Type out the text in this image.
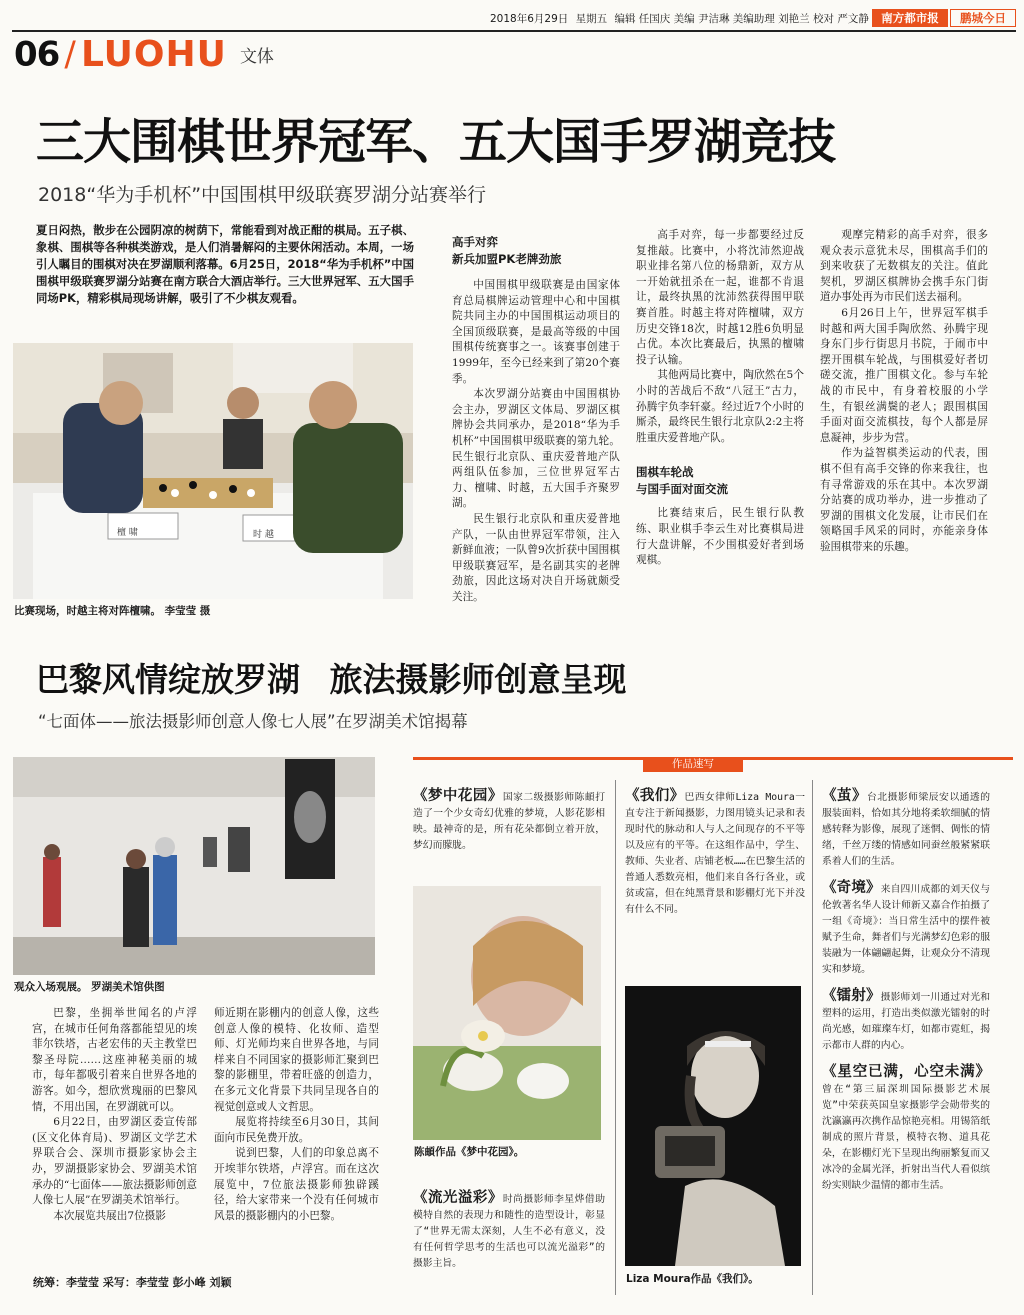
2018年6月29日 星期五 编辑 任国庆 美编 尹洁琳 美编助理 刘艳兰 校对 严文静	南方都市报	鹏城今日
06 / LUOHU 文体
三大围棋世界冠军、五大国手罗湖竞技
2018“华为手机杯”中国围棋甲级联赛罗湖分站赛举行

夏日闷热，散步在公园阴凉的树荫下，常能看到对战正酣的棋局。五子棋、象棋、围棋等各种棋类游戏，是人们消暑解闷的主要休闲活动。本周，一场引人瞩目的围棋对决在罗湖顺利落幕。6月25日，2018“华为手机杯”中国围棋甲级联赛罗湖分站赛在南方联合大酒店举行。三大世界冠军、五大国手同场PK，精彩棋局现场讲解，吸引了不少棋友观看。

檀 啸	时 越
比赛现场，时越主将对阵檀啸。 李莹莹 摄
高手对弈
新兵加盟PK老牌劲旅

中国围棋甲级联赛是由国家体育总局棋牌运动管理中心和中国棋院共同主办的中国围棋运动项目的全国顶级联赛，是最高等级的中国围棋传统赛事之一。该赛事创建于1999年，至今已经来到了第20个赛季。

本次罗湖分站赛由中国围棋协会主办，罗湖区文体局、罗湖区棋牌协会共同承办，是2018“华为手机杯”中国围棋甲级联赛的第九轮。民生银行北京队、重庆爱普地产队两组队伍参加，三位世界冠军古力、檀啸、时越，五大国手齐聚罗湖。

民生银行北京队和重庆爱普地产队，一队由世界冠军带领，注入新鲜血液；一队曾9次折获中国围棋甲级联赛冠军，是名副其实的老牌劲旅，因此这场对决自开场就颇受关注。

高手对弈，每一步都要经过反复推敲。比赛中，小将沈沛然迎战职业排名第八位的杨鼎新，双方从一开始就扭杀在一起，谁都不肯退让，最终执黑的沈沛然获得围甲联赛首胜。时越主将对阵檀啸，双方历史交锋18次，时越12胜6负明显占优。本次比赛最后，执黑的檀啸投子认输。

其他两局比赛中，陶欣然在5个小时的苦战后不敌“八冠王”古力，孙腾宇负李轩豪。经过近7个小时的厮杀，最终民生银行北京队2:2主将胜重庆爱普地产队。

围棋车轮战
与国手面对面交流

比赛结束后，民生银行队教练、职业棋手李云生对比赛棋局进行大盘讲解，不少围棋爱好者到场观棋。

观摩完精彩的高手对弈，很多观众表示意犹未尽，围棋高手们的到来收获了无数棋友的关注。值此契机，罗湖区棋牌协会携手东门街道办事处再为市民们送去福利。

6月26日上午，世界冠军棋手时越和两大国手陶欣然、孙腾宇现身东门步行街思月书院，于闹市中摆开围棋车轮战，与围棋爱好者切磋交流，推广围棋文化。参与车轮战的市民中，有身着校服的小学生，有银丝满鬓的老人；跟围棋国手面对面交流棋技，每个人都是屏息凝神，步步为营。

作为益智棋类运动的代表，围棋不但有高手交锋的你来我往，也有寻常游戏的乐在其中。本次罗湖分站赛的成功举办，进一步推动了罗湖的围棋文化发展，让市民们在领略国手风采的同时，亦能亲身体验围棋带来的乐趣。

巴黎风情绽放罗湖 旅法摄影师创意呈现
“七面体——旅法摄影师创意人像七人展”在罗湖美术馆揭幕
观众入场观展。 罗湖美术馆供图

巴黎，坐拥举世闻名的卢浮宫，在城市任何角落都能望见的埃菲尔铁塔，古老宏伟的天主教堂巴黎圣母院……这座神秘美丽的城市，每年都吸引着来自世界各地的游客。如今，想欣赏瑰丽的巴黎风情，不用出国，在罗湖就可以。

6月22日，由罗湖区委宣传部(区文化体育局)、罗湖区文学艺术界联合会、深圳市摄影家协会主办，罗湖摄影家协会、罗湖美术馆承办的“七面体——旅法摄影师创意人像七人展”在罗湖美术馆举行。

本次展览共展出7位摄影

师近期在影棚内的创意人像，这些创意人像的模特、化妆师、造型师、灯光师均来自世界各地，与同样来自不同国家的摄影师汇聚到巴黎的影棚里，带着旺盛的创造力，在多元文化背景下共同呈现各自的视觉创意或人文哲思。

展览将持续至6月30日，其间面向市民免费开放。

说到巴黎，人们的印象总离不开埃菲尔铁塔，卢浮宫。而在这次展览中，7位旅法摄影师独辟蹊径，给大家带来一个没有任何城市风景的摄影棚内的小巴黎。

统筹：李莹莹 采写：李莹莹 彭小峰 刘颖
作品速写
《梦中花园》国家二级摄影师陈頔打造了一个少女奇幻优雅的梦境，人影花影相映。最神奇的是，所有花朵都倒立着开放，梦幻而朦胧。
陈頔作品《梦中花园》。
《流光溢彩》时尚摄影师李星烨借助模特自然的表现力和随性的造型设计，彰显了“世界无需太深刻，人生不必有意义，没有任何哲学思考的生活也可以流光溢彩”的摄影主旨。
《我们》巴西女律师Liza Moura一直专注于新闻摄影，力图用镜头记录和表现时代的脉动和人与人之间现存的不平等以及应有的平等。在这组作品中，学生、教师、失业者、店铺老板……在巴黎生活的普通人悉数亮相，他们来自各行各业，或贫或富，但在纯黑背景和影棚灯光下并没有什么不同。
Liza Moura作品《我们》。
《茧》台北摄影师梁辰安以通透的服装面料，恰如其分地将柔软细腻的情感转释为影像，展现了迷惘、倜怅的情绪，千丝万缕的情感如同蚕丝般紧紧联系着人们的生活。
《奇境》来自四川成都的刘天仪与伦敦著名华人设计师新又嘉合作拍摄了一组《奇境》：当日常生活中的摆件被赋予生命，舞者们与光满梦幻色彩的服装融为一体翩翩起舞，让观众分不清现实和梦境。
《镭射》摄影师刘一川通过对光和塑料的运用，打造出类似激光镭射的时尚光感，如璀璨车灯，如都市霓虹，揭示都市人群的内心。
《星空已满，心空未满》曾在“第三届深圳国际摄影艺术展览”中荣获英国皇家摄影学会勋带奖的沈瀛瀛再次携作品惊艳亮相。用锡箔纸制成的照片背景，模特衣物、道具花朵，在影棚灯光下呈现出绚丽繁复而又冰冷的金属光泽，折射出当代人看似缤纷实则缺少温情的都市生活。
